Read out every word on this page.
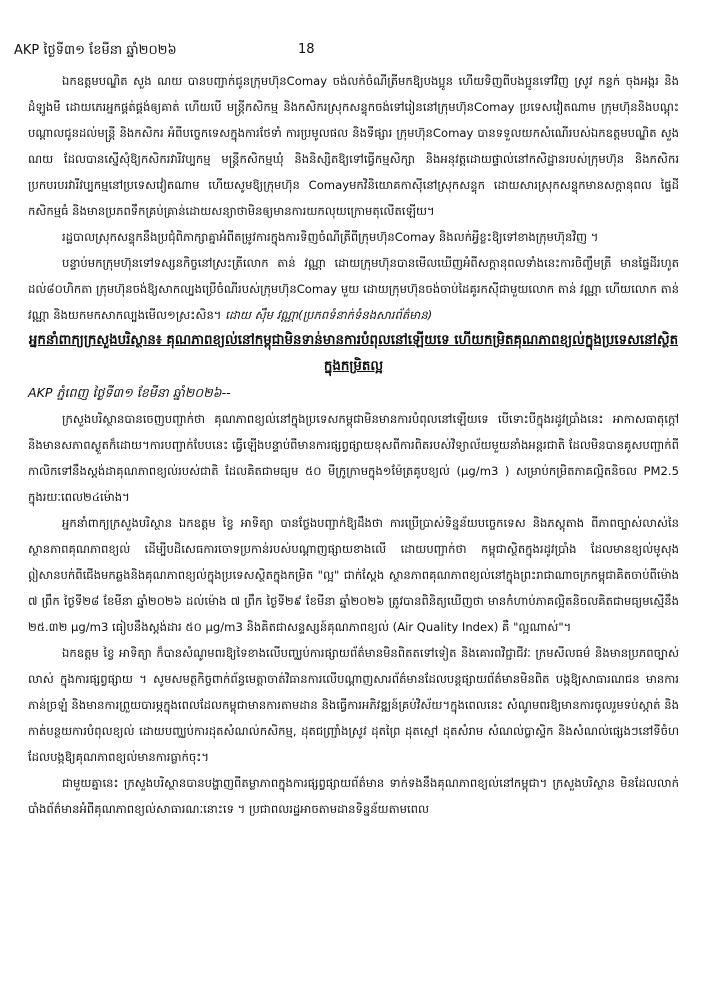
AKP ថ្ងៃទី៣១ ខែមីនា ឆ្នាំ២០២៦	18

ឯកឧត្តមបណ្ឌិត សួង ណយ បានបញ្ជាក់ជូនក្រុមហ៊ុនComay ចង់លក់ចំណីត្រីមកឱ្យបងប្អូន ហើយទិញពីបងប្អូនទៅវិញ ស្រូវ កន្ទក់ ចុងអង្ករ និងដំឡូងមី ដោយភេរអ្នកផ្គត់ផ្គង់ឲ្យគាត់ ហើយបើ មន្ត្រីកសិកម្ម និងកសិករស្រុកសន្ទុកចង់ទៅរៀននៅក្រុមហ៊ុនComay ប្រទេសវៀតណាម ក្រុមហ៊ុននិងបណ្តុះបណ្តាលជូនដល់មន្ត្រី និងកសិករ អំពីបច្ចេកទេសក្នុងការថែទាំ ការប្រមូលផល និងទីផ្សារ ក្រុមហ៊ុនComay បានទទួលយកសំណើរបស់ឯកឧត្តមបណ្ឌិត សួង ណយ ដែលបានស្នើសុំឱ្យកសិករវារីវប្បកម្ម មន្ត្រីកសិកម្មឃុំ និងនិស្សិតឱ្យទៅធ្វើកម្មសិក្សា និងអនុវត្តដោយផ្ទាល់នៅកសិដ្ឋានរបស់ក្រុមហ៊ុន និងកសិករប្រកបរបរវារីវប្បកម្មនៅប្រទេសវៀតណាម ហើយសូមឱ្យក្រុមហ៊ុន Comayមកវិនិយោគកាស៊ីនៅស្រុកសន្ទុក ដោយសារស្រុកសន្ទុកមានសក្តានុពល ផ្ទៃដីកសិកម្មធំ និងមានប្រភពទឹកគ្រប់គ្រាន់ដោយសន្យាថាមិនឲ្យមានការយកលុយក្រោមតុលើតឡើយ។

រដ្ឋបាលស្រុកសន្ទុកនឹងប្រជុំពិភាក្សាគ្នាអំពីតម្រូវការក្នុងការទិញចំណីត្រីពីក្រុមហ៊ុនComay និងលក់អ្វីខ្លះឱ្យទៅខាងក្រុមហ៊ុនវិញ ។

បន្ទាប់មកក្រុមហ៊ុនទៅទស្សនកិច្ចនៅស្រះត្រីលោក តាន់ វណ្ណា ដោយក្រុមហ៊ុនបានមើលឃើញអំពីសក្តានុពលទាំងនេះការចិញ្ចឹមត្រី មានផ្ទៃដីរហូតដល់៨០ហិកតា ក្រុមហ៊ុនចង់ឱ្យសាកល្បងប្រើចំណីរបស់ក្រុមហ៊ុនComay មួយ ដោយក្រុមហ៊ុនចង់ចាប់ដៃគូរកស៊ីជាមួយលោក តាន់ វណ្ណា ហើយលោក តាន់ វណ្ណា និងយកមកសាកល្បងមើល១ស្រះសិន។ ដោយ ស៊ឹម វណ្ណា(ប្រភពទំនាក់ទំនងសារព័ត៌មាន)

អ្នកនាំពាក្យក្រសួងបរិស្ថាន៖ គុណភាពខ្យល់នៅកម្ពុជាមិនទាន់មានការបំពុលនៅឡើយទេ ហើយកម្រិតគុណភាពខ្យល់ក្នុងប្រទេសនៅស្ថិតក្នុងកម្រិតល្អ

AKP ភ្នំពេញ ថ្ងៃទី៣១ ខែមីនា ឆ្នាំ២០២៦--

ក្រសួងបរិស្ថានបានចេញបញ្ជាក់ថា គុណភាពខ្យល់នៅក្នុងប្រទេសកម្ពុជាមិនមានការបំពុលនៅឡើយទេ បើទោះបីក្នុងរដូវប្រាំងនេះ អាកាសធាតុក្តៅ និងមានសភាពស្ងួតក៏ដោយ។ការបញ្ជាក់បែបនេះ ធ្វើឡើងបន្ទាប់ពីមានការផ្សព្វផ្សាយខុសពីការពិតរបស់វិទ្យាល័យមួយនាំងអន្តរជាតិ ដែលមិនបានគូសបញ្ជាក់ពីកាលិកទៅនឹងស្តង់ដាគុណភាពខ្យល់របស់ជាតិ ដែលគិតជាមធ្យម ៥០ មីក្រូក្រាមក្នុង១ម៉ែត្រគូបខ្យល់ (µg/m3 ) សម្រាប់កម្រិតភាគល្អិតនិចល PM2.5 ក្នុងរយៈពេល២៤ម៉ោង។

អ្នកនាំពាក្យក្រសួងបរិស្ថាន ឯកឧត្តម ខ្វៃ អាទិត្យា បានថ្លែងបញ្ជាក់ឱ្យដឹងថា ការប្រើប្រាស់ទិន្នន័យបច្ចេកទេស និងភស្តុតាង ពីភាពច្បាស់លាស់នៃស្ថានភាពគុណភាពខ្យល់ ដើម្បីបដិសេធការចោទប្រកាន់របស់បណ្តាញផ្សាយខាងលើ ដោយបញ្ជាក់ថា កម្ពុជាស្ថិតក្នុងរដូវប្រាំង ដែលមានខ្យល់មូសុងឦសានបក់ពីជើងមកឆ្លងនិងគុណភាពខ្យល់ក្នុងប្រទេសស្ថិតក្នុងកម្រិត "ល្អ" ជាក់ស្តែង ស្ថានភាពគុណភាពខ្យល់នៅក្នុងព្រះរាជាណាចក្រកម្ពុជាគិតចាប់ពីម៉ោង ៧ ព្រឹក ថ្ងៃទី២៨ ខែមីនា ឆ្នាំ២០២៦ ដល់ម៉ោង ៧ ព្រឹក ថ្ងៃទី២៩ ខែមីនា ឆ្នាំ២០២៦ ត្រូវបានពិនិត្យឃើញថា មានកំហាប់ភាគល្អិតនិចលគិតជាមធ្យមស្មើនឹង ២៥.៣២ µg/m3 ធៀបនឹងស្តង់ដារ ៥០ µg/m3 និងគិតជាសន្ទស្សន៍គុណភាពខ្យល់ (Air Quality Index) គឺ "ល្អណាស់"។

ឯកឧត្តម ខ្វៃ អាទិត្យា ក៏បានសំណូមពរឱ្យទៃខាងលើបញ្ឈប់ការផ្សាយព័ត៌មានមិនពិតតទៅទៀត និងគោរពវិជ្ជាជីវៈ ក្រមសីលធម៌ និងមានប្រភពច្បាស់លាស់ ក្នុងការផ្សព្វផ្សាយ ។ សូមសមត្ថកិច្ចពាក់ព័ន្ធមេត្តាចាត់វិធានការលើបណ្តាញសារព័ត៌មានដែលបន្តផ្សាយព័ត៌មានមិនពិត បង្កឱ្យសាធារណជន មានការភាន់ច្រឡំ និងមានការព្រួយបារម្ភក្នុងពេលដែលកម្ពុជាមានការតាមដាន និងធ្វើការអភិវឌ្ឍន៍គ្រប់វិស័យ។ក្នុងពេលនេះ សំណូមពរឱ្យមានការចូលរួមទប់ស្កាត់ និងកាត់បន្ថយការបំពុលខ្យល់ ដោយបញ្ឈប់ការដុតសំណល់កសិកម្ម, ដុតជញ្ជ្រាំងស្រូវ ដុតព្រៃ ដុតស្មៅ ដុតសំរាម សំណល់ប្លាស្ទិក និងសំណល់ផ្សេងៗនៅទីចំហ ដែលបង្កឱ្យគុណភាពខ្យល់មានការធ្លាក់ចុះ។

ជាមួយគ្នានេះ ក្រសួងបរិស្ថានបានបង្ហាញពីតម្លាភាពក្នុងការផ្សព្វផ្សាយព័ត៌មាន ទាក់ទងនឹងគុណភាពខ្យល់នៅកម្ពុជា។ ក្រសួងបរិស្ថាន មិនដែលលាក់បាំងព័ត៌មានអំពីគុណភាពខ្យល់សាធារណៈនោះទេ ។ ប្រជាពលរដ្ឋអាចតាមដានទិន្នន័យតាមពេល
